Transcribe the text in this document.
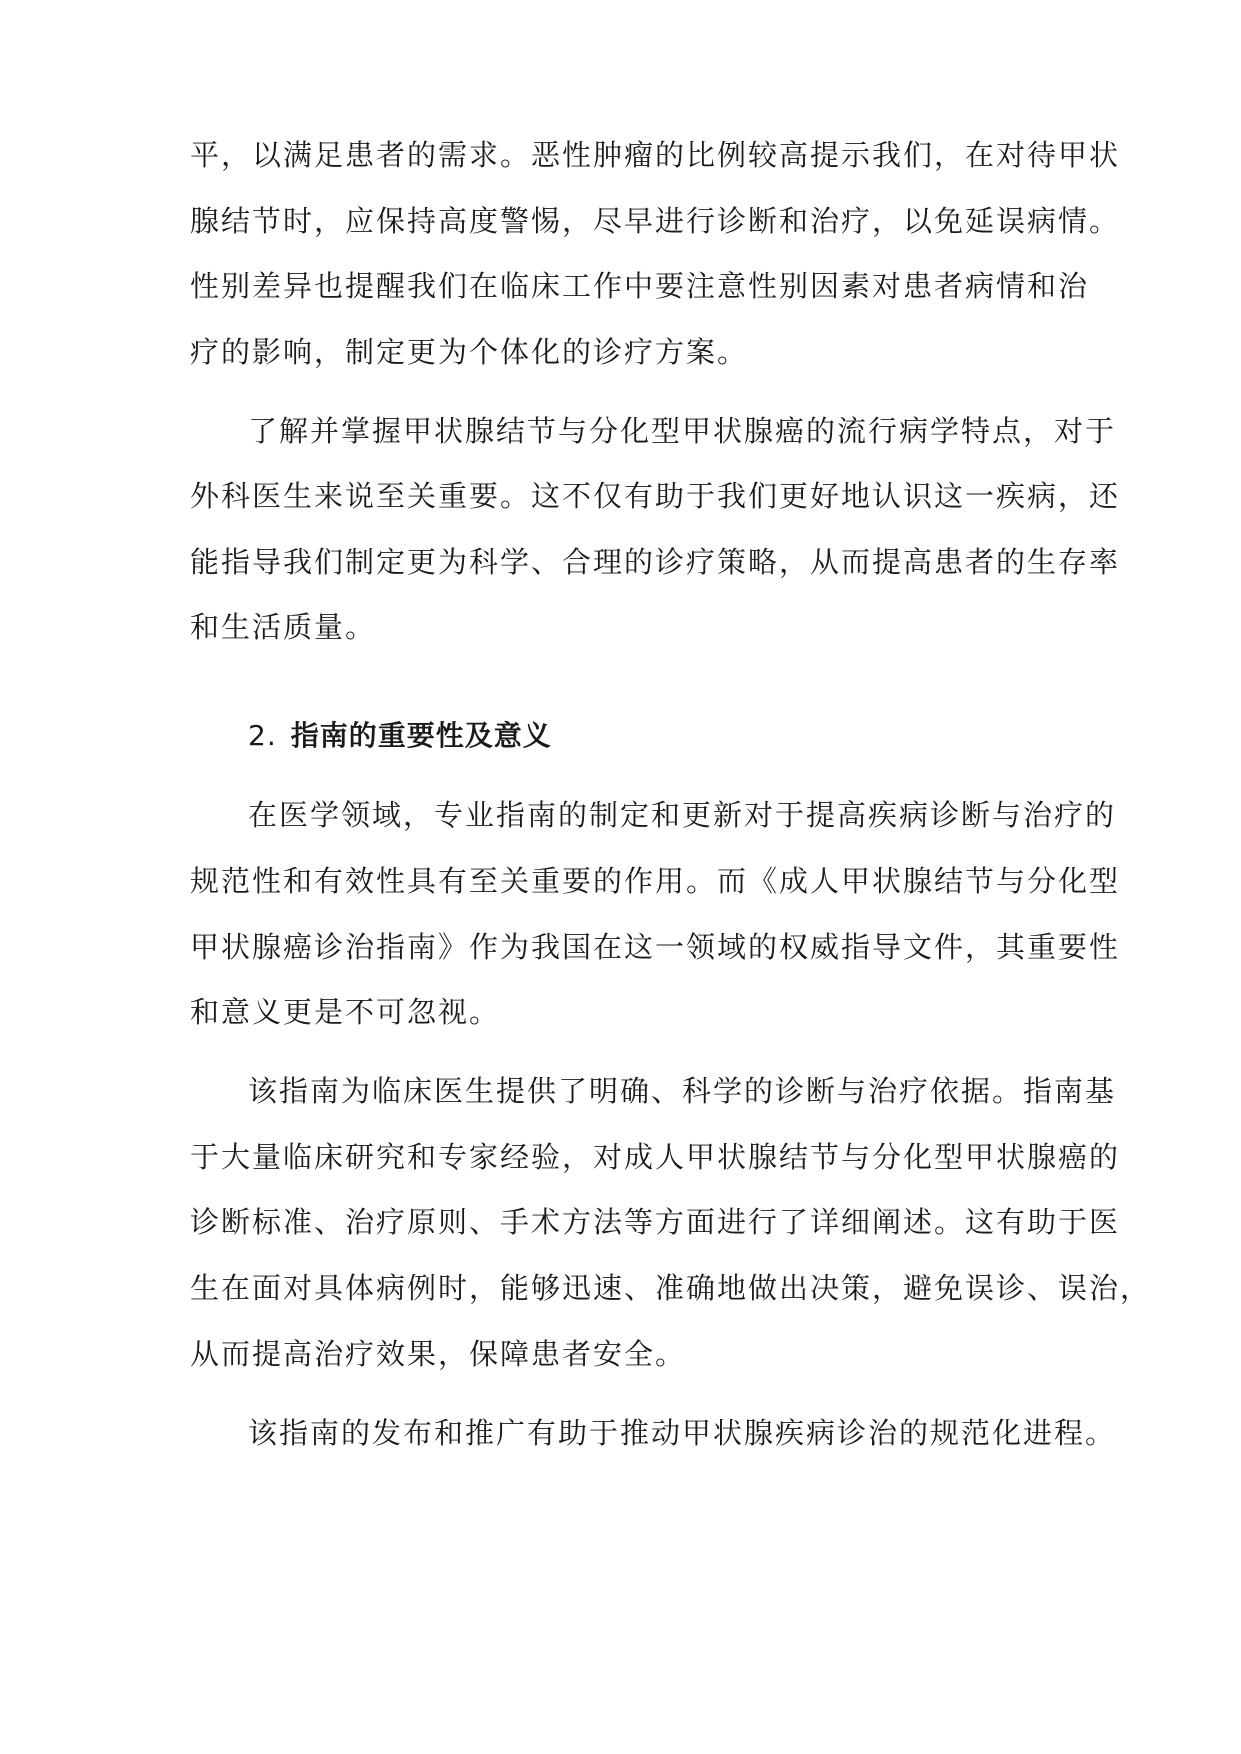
平，以满足患者的需求。恶性肿瘤的比例较高提示我们，在对待甲状
腺结节时，应保持高度警惕，尽早进行诊断和治疗，以免延误病情。
性别差异也提醒我们在临床工作中要注意性别因素对患者病情和治
疗的影响，制定更为个体化的诊疗方案。
了解并掌握甲状腺结节与分化型甲状腺癌的流行病学特点，对于
外科医生来说至关重要。这不仅有助于我们更好地认识这一疾病，还
能指导我们制定更为科学、合理的诊疗策略，从而提高患者的生存率
和生活质量。
2. 指南的重要性及意义
在医学领域，专业指南的制定和更新对于提高疾病诊断与治疗的
规范性和有效性具有至关重要的作用。而《成人甲状腺结节与分化型
甲状腺癌诊治指南》作为我国在这一领域的权威指导文件，其重要性
和意义更是不可忽视。
该指南为临床医生提供了明确、科学的诊断与治疗依据。指南基
于大量临床研究和专家经验，对成人甲状腺结节与分化型甲状腺癌的
诊断标准、治疗原则、手术方法等方面进行了详细阐述。这有助于医
生在面对具体病例时，能够迅速、准确地做出决策，避免误诊、误治，
从而提高治疗效果，保障患者安全。
该指南的发布和推广有助于推动甲状腺疾病诊治的规范化进程。
